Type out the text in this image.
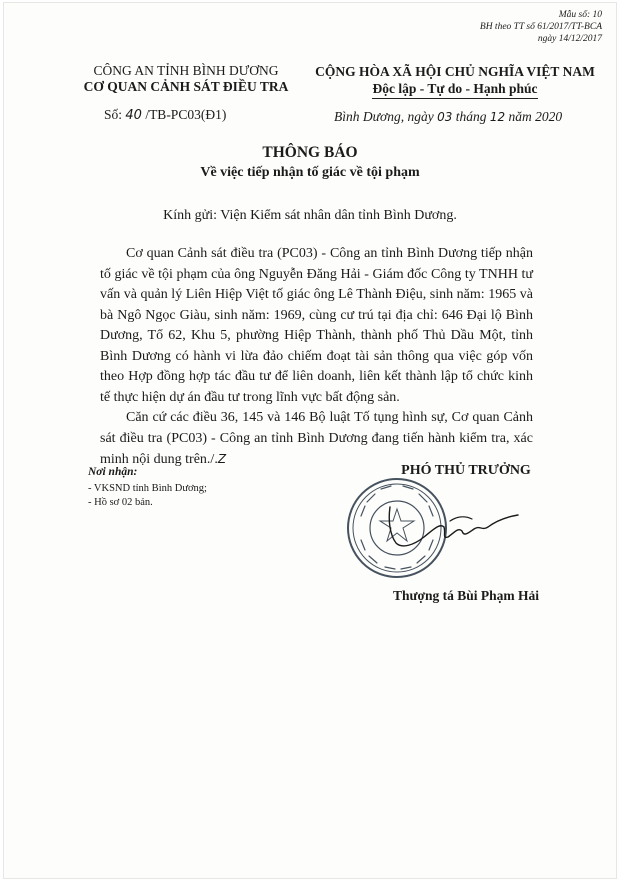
Mẫu số: 10
BH theo TT số 61/2017/TT-BCA
ngày 14/12/2017
CÔNG AN TỈNH BÌNH DƯƠNG
CƠ QUAN CẢNH SÁT ĐIỀU TRA
CỘNG HÒA XÃ HỘI CHỦ NGHĨA VIỆT NAM
Độc lập - Tự do - Hạnh phúc
Số: 40 /TB-PC03(Đ1)	Bình Dương, ngày 03 tháng 12 năm 2020
THÔNG BÁO
Về việc tiếp nhận tố giác về tội phạm
Kính gửi: Viện Kiểm sát nhân dân tỉnh Bình Dương.

Cơ quan Cảnh sát điều tra (PC03) - Công an tỉnh Bình Dương tiếp nhận tố giác về tội phạm của ông Nguyễn Đăng Hải - Giám đốc Công ty TNHH tư vấn và quản lý Liên Hiệp Việt tố giác ông Lê Thành Điệu, sinh năm: 1965 và bà Ngô Ngọc Giàu, sinh năm: 1969, cùng cư trú tại địa chỉ: 646 Đại lộ Bình Dương, Tổ 62, Khu 5, phường Hiệp Thành, thành phố Thủ Dầu Một, tỉnh Bình Dương có hành vi lừa đảo chiếm đoạt tài sản thông qua việc góp vốn theo Hợp đồng hợp tác đầu tư để liên doanh, liên kết thành lập tổ chức kinh tế thực hiện dự án đầu tư trong lĩnh vực bất động sản.

Căn cứ các điều 36, 145 và 146 Bộ luật Tố tụng hình sự, Cơ quan Cảnh sát điều tra (PC03) - Công an tỉnh Bình Dương đang tiến hành kiểm tra, xác minh nội dung trên./.Z

Nơi nhận:
- VKSND tỉnh Bình Dương;
- Hồ sơ 02 bản.
PHÓ THỦ TRƯỞNG
Thượng tá Bùi Phạm Hải
